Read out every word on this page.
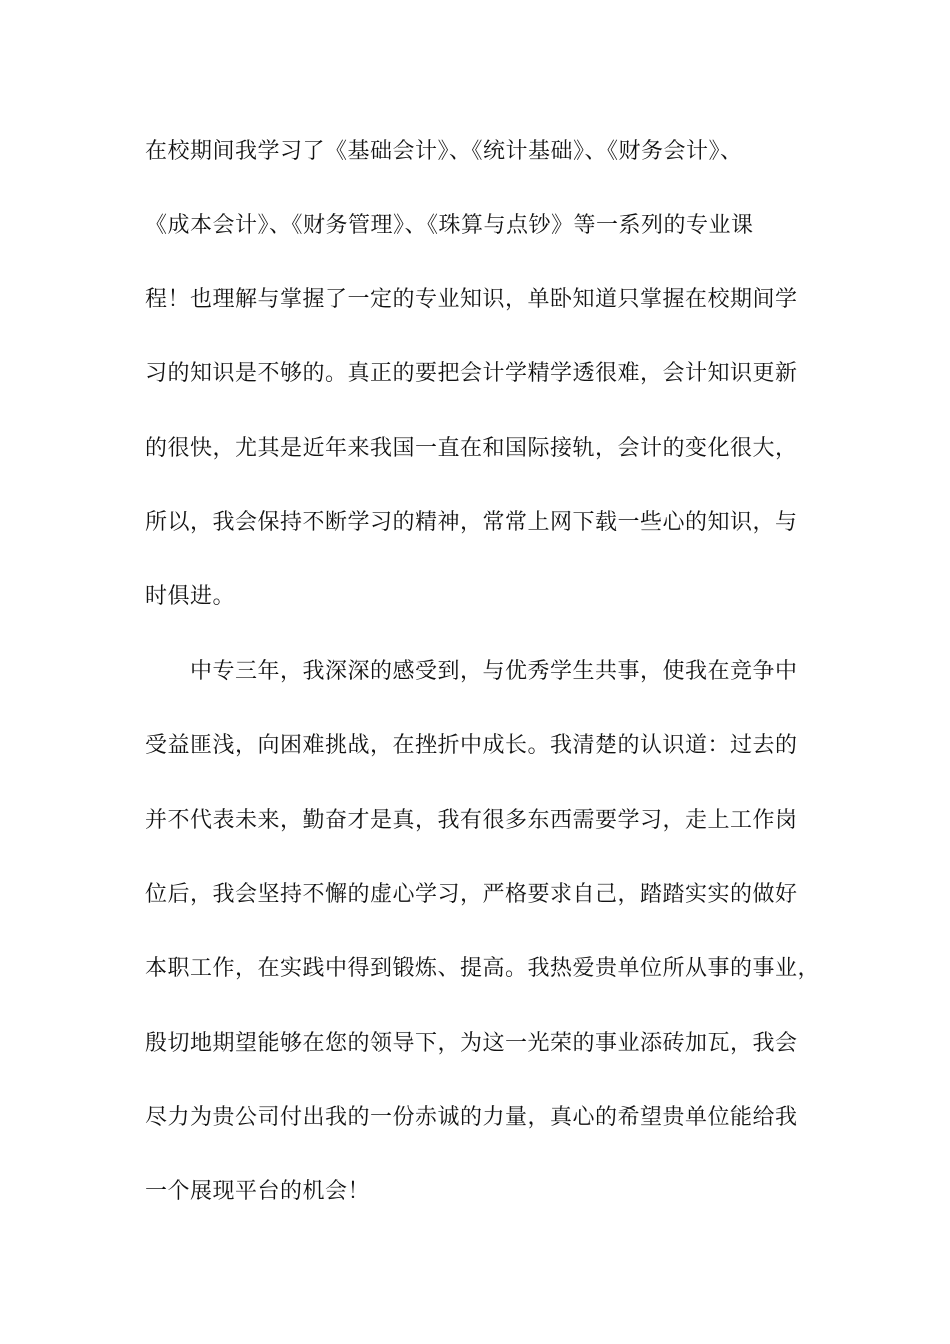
在校期间我学习了《基础会计》、《统计基础》、《财务会计》、
《成本会计》、《财务管理》、《珠算与点钞》等一系列的专业课
程！也理解与掌握了一定的专业知识，单卧知道只掌握在校期间学
习的知识是不够的。真正的要把会计学精学透很难，会计知识更新
的很快，尤其是近年来我国一直在和国际接轨，会计的变化很大，
所以，我会保持不断学习的精神，常常上网下载一些心的知识，与
时俱进。
中专三年，我深深的感受到，与优秀学生共事，使我在竞争中
受益匪浅，向困难挑战，在挫折中成长。我清楚的认识道：过去的
并不代表未来，勤奋才是真，我有很多东西需要学习，走上工作岗
位后，我会坚持不懈的虚心学习，严格要求自己，踏踏实实的做好
本职工作，在实践中得到锻炼、提高。我热爱贵单位所从事的事业，
殷切地期望能够在您的领导下，为这一光荣的事业添砖加瓦，我会
尽力为贵公司付出我的一份赤诚的力量，真心的希望贵单位能给我
一个展现平台的机会！
